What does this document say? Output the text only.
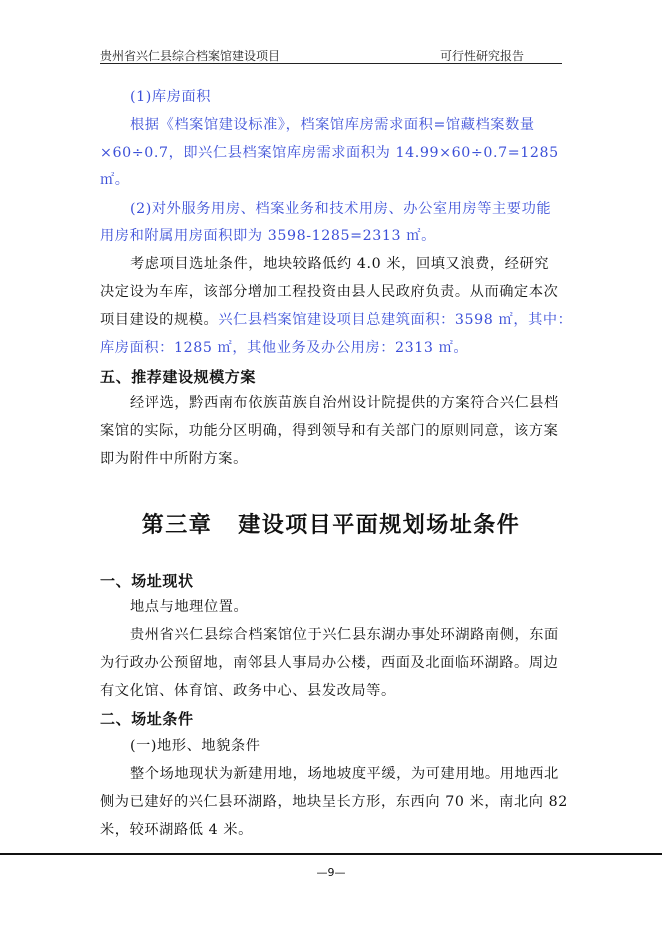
贵州省兴仁县综合档案馆建设项目	可行性研究报告
(1)库房面积
根据《档案馆建设标准》，档案馆库房需求面积=馆藏档案数量
×60÷0.7，即兴仁县档案馆库房需求面积为 14.99×60÷0.7=1285
㎡。
(2)对外服务用房、档案业务和技术用房、办公室用房等主要功能
用房和附属用房面积即为 3598-1285=2313 ㎡。
考虑项目选址条件，地块较路低约 4.0 米，回填又浪费，经研究
决定设为车库，该部分增加工程投资由县人民政府负责。从而确定本次
项目建设的规模。兴仁县档案馆建设项目总建筑面积：3598 ㎡，其中：
库房面积：1285 ㎡，其他业务及办公用房：2313 ㎡。
五、推荐建设规模方案
经评选，黔西南布依族苗族自治州设计院提供的方案符合兴仁县档
案馆的实际，功能分区明确，得到领导和有关部门的原则同意，该方案
即为附件中所附方案。
第三章 建设项目平面规划场址条件
一、场址现状
地点与地理位置。
贵州省兴仁县综合档案馆位于兴仁县东湖办事处环湖路南侧，东面
为行政办公预留地，南邻县人事局办公楼，西面及北面临环湖路。周边
有文化馆、体育馆、政务中心、县发改局等。
二、场址条件
(一)地形、地貌条件
整个场地现状为新建用地，场地坡度平缓，为可建用地。用地西北
侧为已建好的兴仁县环湖路，地块呈长方形，东西向 70 米，南北向 82
米，较环湖路低 4 米。
—9—
